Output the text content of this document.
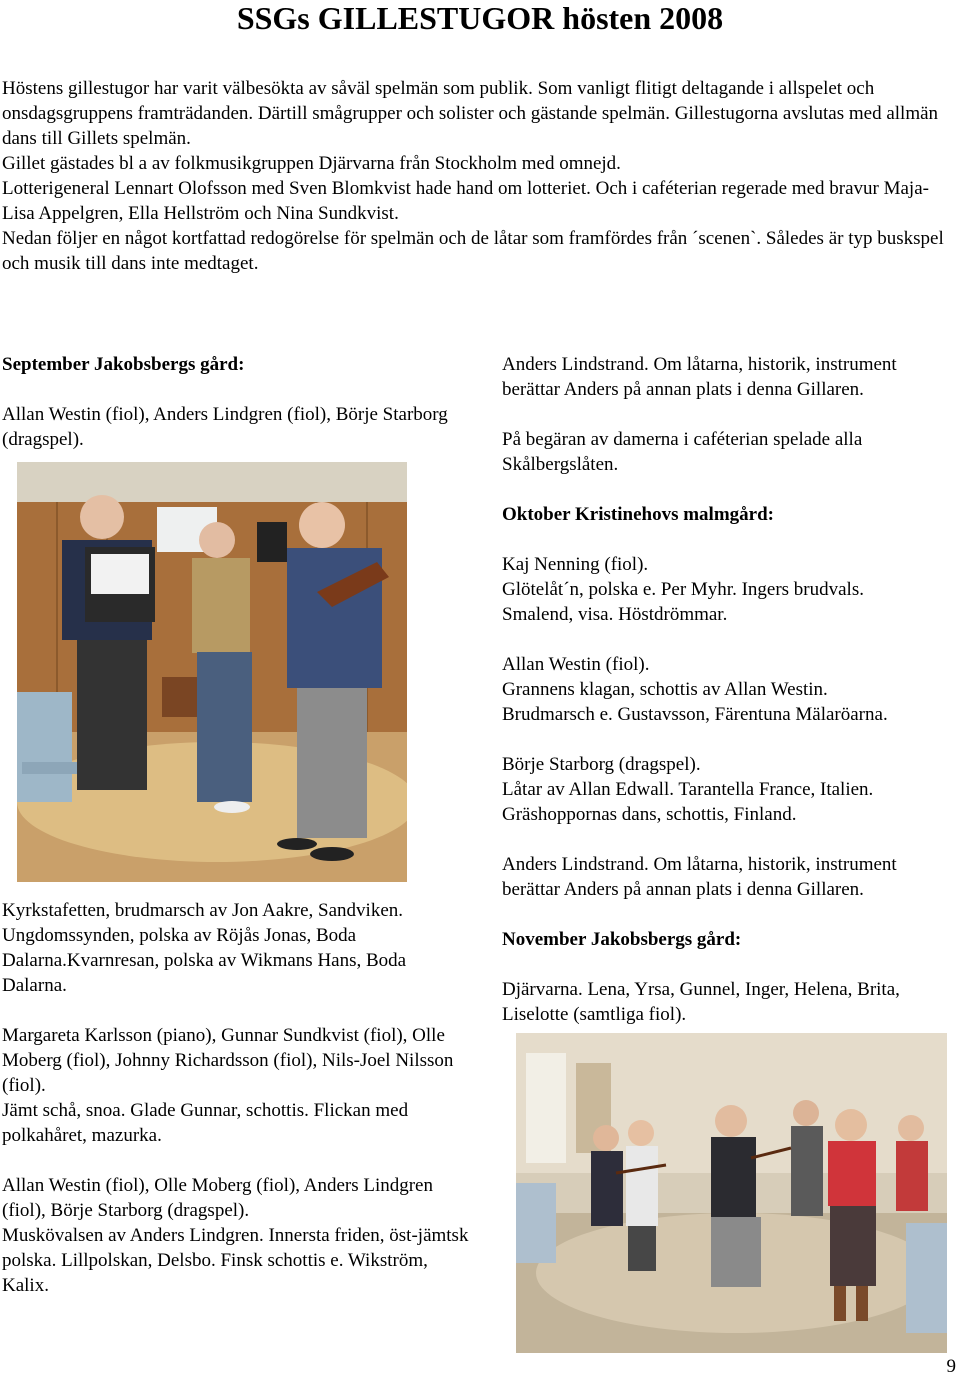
SSGs GILLESTUGOR hösten 2008

Höstens gillestugor har varit välbesökta av såväl spelmän som publik. Som vanligt flitigt deltagande i allspelet och onsdagsgruppens framträdanden. Därtill smågrupper och solister och gästande spelmän. Gillestugorna avslutas med allmän dans till Gillets spelmän.

Gillet gästades bl a av folkmusikgruppen Djärvarna från Stockholm med omnejd.

Lotterigeneral Lennart Olofsson med Sven Blomkvist hade hand om lotteriet. Och i caféterian regerade med bravur Maja-Lisa Appelgren, Ella Hellström och Nina Sundkvist.

Nedan följer en något kortfattad redogörelse för spelmän och de låtar som framfördes från ´scenen`. Således är typ buskspel och musik till dans inte medtaget.

September Jakobsbergs gård:

Allan Westin (fiol), Anders Lindgren (fiol), Börje Starborg (dragspel).

Kyrkstafetten, brudmarsch av Jon Aakre, Sandviken.

Ungdomssynden, polska av Röjås Jonas, Boda Dalarna.Kvarnresan, polska av Wikmans Hans, Boda Dalarna.

Margareta Karlsson (piano), Gunnar Sundkvist (fiol), Olle Moberg (fiol), Johnny Richardsson (fiol), Nils-Joel Nilsson (fiol).

Jämt schå, snoa. Glade Gunnar, schottis. Flickan med polkahåret, mazurka.

Allan Westin (fiol), Olle Moberg (fiol), Anders Lindgren (fiol), Börje Starborg (dragspel).

Muskövalsen av Anders Lindgren. Innersta friden, öst-jämtsk polska. Lillpolskan, Delsbo. Finsk schottis e. Wikström, Kalix.

Anders Lindstrand. Om låtarna, historik, instrument berättar Anders på annan plats i denna Gillaren.

På begäran av damerna i caféterian spelade alla Skålbergslåten.

Oktober Kristinehovs malmgård:

Kaj Nenning (fiol).

Glötelåt´n, polska e. Per Myhr. Ingers brudvals.

Smalend, visa. Höstdrömmar.

Allan Westin (fiol).

Grannens klagan, schottis av Allan Westin.

Brudmarsch e. Gustavsson, Färentuna Mälaröarna.

Börje Starborg (dragspel).

Låtar av Allan Edwall. Tarantella France, Italien.

Gräshoppornas dans, schottis, Finland.

Anders Lindstrand. Om låtarna, historik, instrument berättar Anders på annan plats i denna Gillaren.

November Jakobsbergs gård:

Djärvarna. Lena, Yrsa, Gunnel, Inger, Helena, Brita, Liselotte (samtliga fiol).

9
